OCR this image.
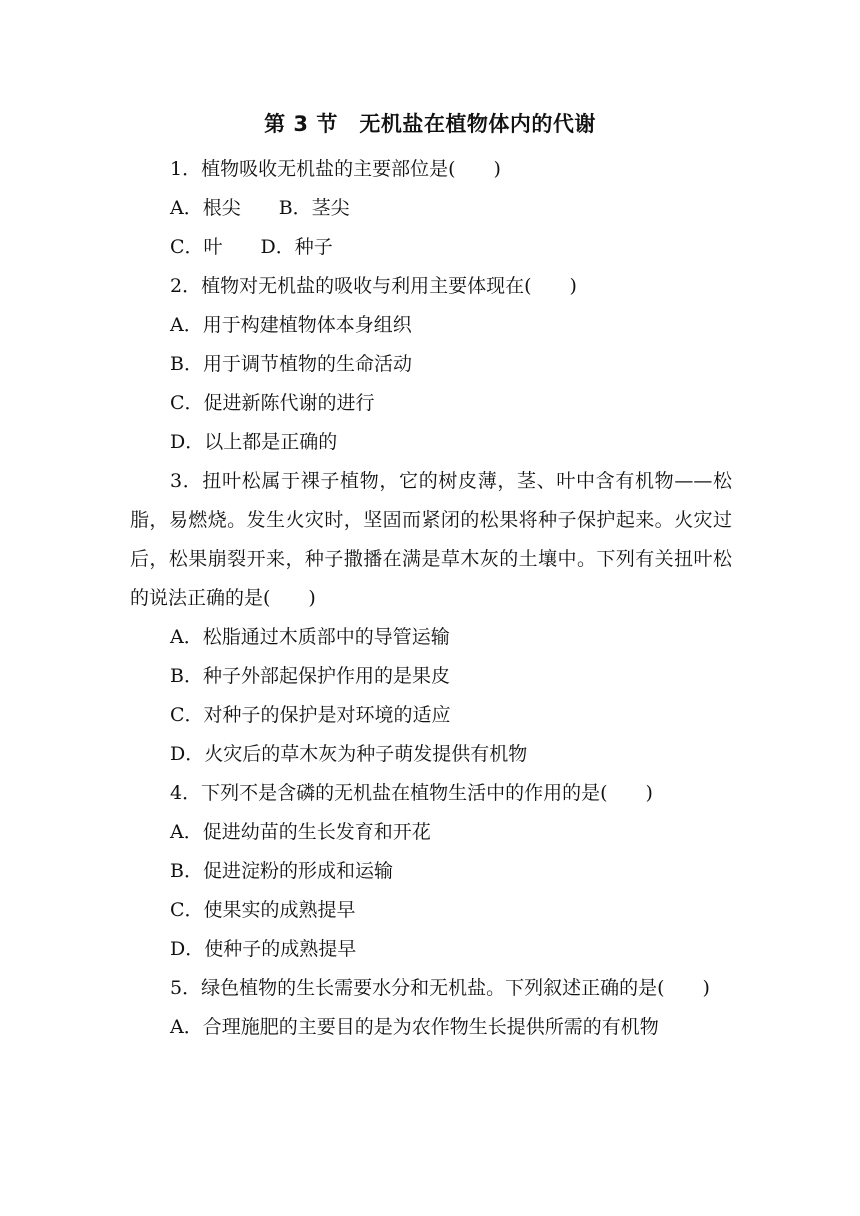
第 3 节　无机盐在植物体内的代谢

1．植物吸收无机盐的主要部位是(　　)

A．根尖　　B．茎尖

C．叶　　D．种子

2．植物对无机盐的吸收与利用主要体现在(　　)

A．用于构建植物体本身组织

B．用于调节植物的生命活动

C．促进新陈代谢的进行

D．以上都是正确的

3．扭叶松属于裸子植物，它的树皮薄，茎、叶中含有机物——松脂，易燃烧。发生火灾时，坚固而紧闭的松果将种子保护起来。火灾过后，松果崩裂开来，种子撒播在满是草木灰的土壤中。下列有关扭叶松的说法正确的是(　　)

A．松脂通过木质部中的导管运输

B．种子外部起保护作用的是果皮

C．对种子的保护是对环境的适应

D．火灾后的草木灰为种子萌发提供有机物

4．下列不是含磷的无机盐在植物生活中的作用的是(　　)

A．促进幼苗的生长发育和开花

B．促进淀粉的形成和运输

C．使果实的成熟提早

D．使种子的成熟提早

5．绿色植物的生长需要水分和无机盐。下列叙述正确的是(　　)

A．合理施肥的主要目的是为农作物生长提供所需的有机物
